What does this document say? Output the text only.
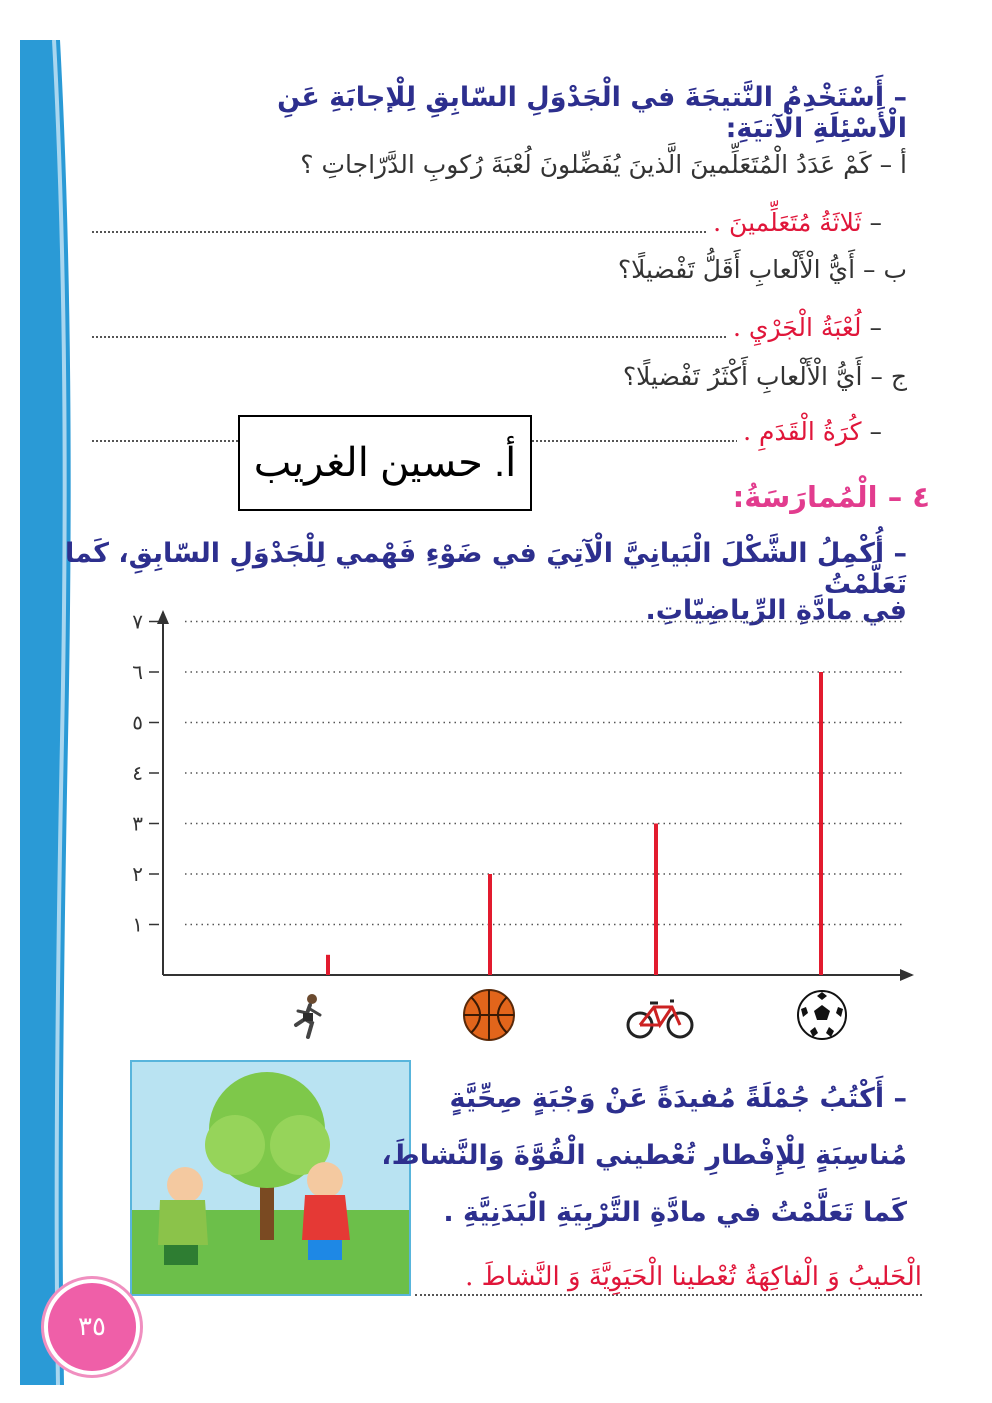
– أَسْتَخْدِمُ النَّتيجَةَ في الْجَدْوَلِ السّابِقِ لِلْإجابَةِ عَنِ الْأَسْئِلَةِ الْآتيَةِ:
أ – كَمْ عَدَدُ الْمُتَعَلِّمينَ الَّذينَ يُفَضِّلونَ لُعْبَةَ رُكوبِ الدَّرّاجاتِ ؟
– ثَلاثَةُ مُتَعَلِّمينَ .
ب – أَيُّ الْأَلْعابِ أَقَلُّ تَفْضيلًا؟
– لُعْبَةُ الْجَرْيِ .
ج – أَيُّ الْأَلْعابِ أَكْثَرُ تَفْضيلًا؟
– كُرَةُ الْقَدَمِ .
أ. حسين الغريب
٤ – الْمُمارَسَةُ:
– أُكْمِلُ الشَّكْلَ الْبَيانِيَّ الْآتِيَ في ضَوْءِ فَهْمي لِلْجَدْوَلِ السّابِقِ، كَما تَعَلَّمْتُ
في مادَّةِ الرِّياضِيّاتِ.
١
٢
٣
٤
٥
٦
٧
– أَكْتُبُ جُمْلَةً مُفيدَةً عَنْ وَجْبَةٍ صِحِّيَّةٍ
مُناسِبَةٍ لِلْإِفْطارِ تُعْطيني الْقُوَّةَ وَالنَّشاطَ،
كَما تَعَلَّمْتُ في مادَّةِ التَّرْبِيَةِ الْبَدَنِيَّةِ .
الْحَليبُ وَ الْفاكِهَةُ تُعْطينا الْحَيَوِيَّةَ وَ النَّشاطَ .
٣٥
